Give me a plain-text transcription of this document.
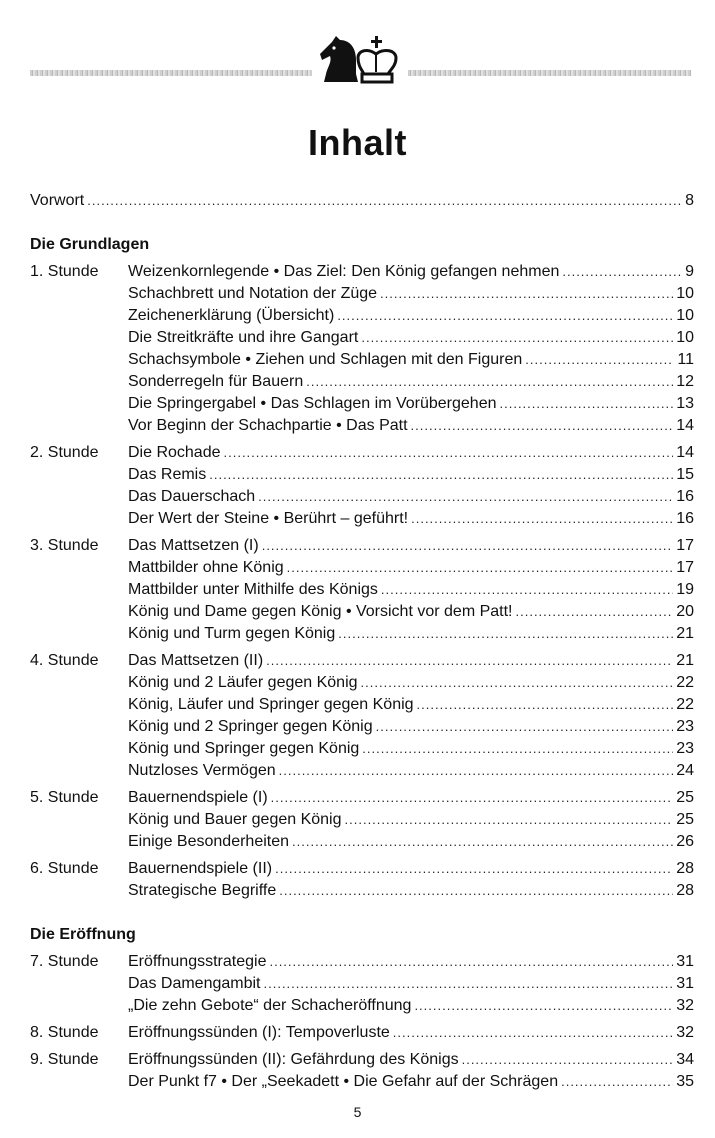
Inhalt
Vorwort .....	8
Die Grundlagen
1. Stunde	Weizenkornlegende • Das Ziel: Den König gefangen nehmen .....	9
Schachbrett und Notation der Züge .....	10
Zeichenerklärung (Übersicht) .....	10
Die Streitkräfte und ihre Gangart .....	10
Schachsymbole • Ziehen und Schlagen mit den Figuren .....	11
Sonderregeln für Bauern .....	12
Die Springergabel • Das Schlagen im Vorübergehen .....	13
Vor Beginn der Schachpartie • Das Patt .....	14
2. Stunde	Die Rochade .....	14
Das Remis .....	15
Das Dauerschach .....	16
Der Wert der Steine • Berührt – geführt! .....	16
3. Stunde	Das Mattsetzen (I) .....	17
Mattbilder ohne König .....	17
Mattbilder unter Mithilfe des Königs .....	19
König und Dame gegen König • Vorsicht vor dem Patt! .....	20
König und Turm gegen König .....	21
4. Stunde	Das Mattsetzen (II) .....	21
König und 2 Läufer gegen König .....	22
König, Läufer und Springer gegen König .....	22
König und 2 Springer gegen König .....	23
König und Springer gegen König .....	23
Nutzloses Vermögen .....	24
5. Stunde	Bauernendspiele (I) .....	25
König und Bauer gegen König .....	25
Einige Besonderheiten .....	26
6. Stunde	Bauernendspiele (II) .....	28
Strategische Begriffe .....	28
Die Eröffnung
7. Stunde	Eröffnungsstrategie .....	31
Das Damengambit .....	31
„Die zehn Gebote“ der Schacheröffnung .....	32
8. Stunde	Eröffnungssünden (I): Tempoverluste .....	32
9. Stunde	Eröffnungssünden (II): Gefährdung des Königs .....	34
Der Punkt f7 • Der „Seekadett • Die Gefahr auf der Schrägen .....	35
5
